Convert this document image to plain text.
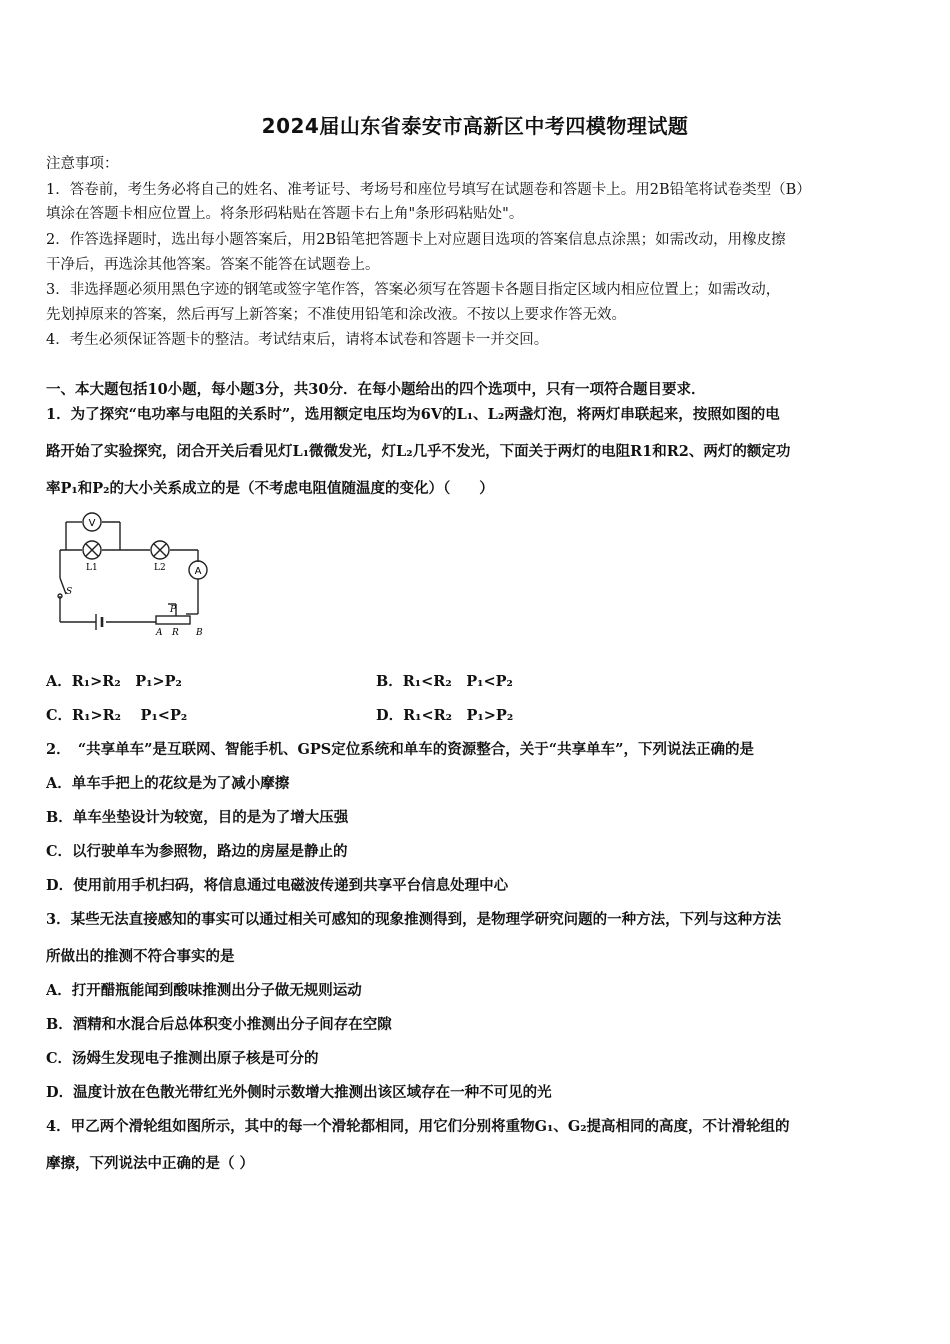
2024届山东省泰安市高新区中考四模物理试题
注意事项：
1．答卷前，考生务必将自己的姓名、准考证号、考场号和座位号填写在试题卷和答题卡上。用2B铅笔将试卷类型（B）
填涂在答题卡相应位置上。将条形码粘贴在答题卡右上角"条形码粘贴处"。
2．作答选择题时，选出每小题答案后，用2B铅笔把答题卡上对应题目选项的答案信息点涂黑；如需改动，用橡皮擦
干净后，再选涂其他答案。答案不能答在试题卷上。
3．非选择题必须用黑色字迹的钢笔或签字笔作答，答案必须写在答题卡各题目指定区域内相应位置上；如需改动，
先划掉原来的答案，然后再写上新答案；不准使用铅笔和涂改液。不按以上要求作答无效。
4．考生必须保证答题卡的整洁。考试结束后，请将本试卷和答题卡一并交回。
一、本大题包括10小题，每小题3分，共30分．在每小题给出的四个选项中，只有一项符合题目要求．
1．为了探究“电功率与电阻的关系时”，选用额定电压均为6V的L₁、L₂两盏灯泡，将两灯串联起来，按照如图的电
路开始了实验探究，闭合开关后看见灯L₁微微发光，灯L₂几乎不发光，下面关于两灯的电阻R1和R2、两灯的额定功
率P₁和P₂的大小关系成立的是（不考虑电阻值随温度的变化）（　　）
V
A
L1	L2
S
P
A R B
A．R₁>R₂　P₁>P₂	B．R₁<R₂　P₁<P₂
C．R₁>R₂　 P₁<P₂	D．R₁<R₂　P₁>P₂
2．　“共享单车”是互联网、智能手机、GPS定位系统和单车的资源整合，关于“共享单车”，下列说法正确的是
A．单车手把上的花纹是为了减小摩擦
B．单车坐垫设计为较宽，目的是为了增大压强
C．以行驶单车为参照物，路边的房屋是静止的
D．使用前用手机扫码，将信息通过电磁波传递到共享平台信息处理中心
3．某些无法直接感知的事实可以通过相关可感知的现象推测得到，是物理学研究问题的一种方法，下列与这种方法
所做出的推测不符合事实的是
A．打开醋瓶能闻到酸味推测出分子做无规则运动
B．酒精和水混合后总体积变小推测出分子间存在空隙
C．汤姆生发现电子推测出原子核是可分的
D．温度计放在色散光带红光外侧时示数增大推测出该区域存在一种不可见的光
4．甲乙两个滑轮组如图所示，其中的每一个滑轮都相同，用它们分别将重物G₁、G₂提高相同的高度，不计滑轮组的
摩擦，下列说法中正确的是（ ）
